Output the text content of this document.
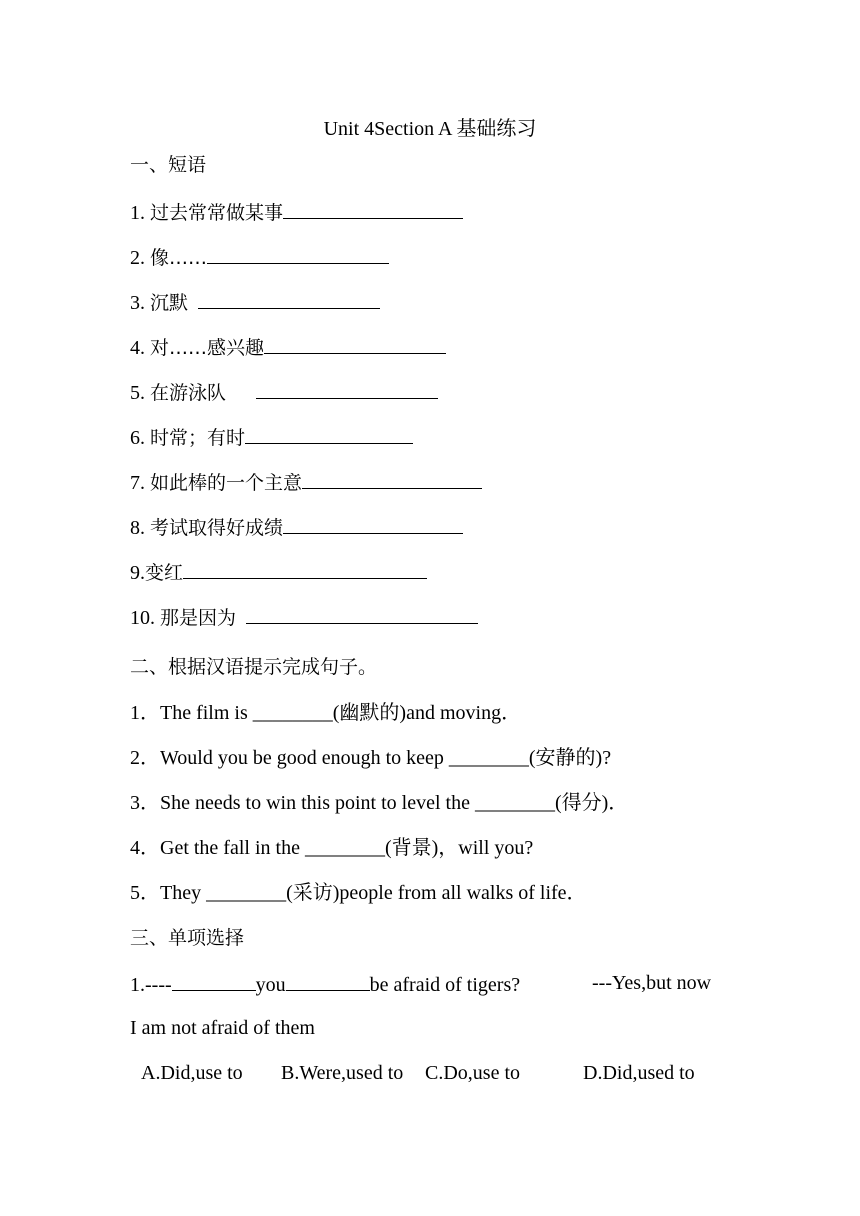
Unit 4Section A 基础练习
一、短语
1. 过去常常做某事
2. 像……
3. 沉默
4. 对……感兴趣
5. 在游泳队
6. 时常；有时
7. 如此棒的一个主意
8. 考试取得好成绩
9.变红
10. 那是因为
二、根据汉语提示完成句子。
1．The film is ________(幽默的)and moving．
2．Would you be good enough to keep ________(安静的)?
3．She needs to win this point to level the ________(得分)．
4．Get the fall in the ________(背景)，will you?
5．They ________(采访)people from all walks of life．
三、单项选择
1.----	you	be afraid of tigers?	---Yes,but now
I am not afraid of them
A.Did,use to B.Were,used to C.Do,use to	D.Did,used to
